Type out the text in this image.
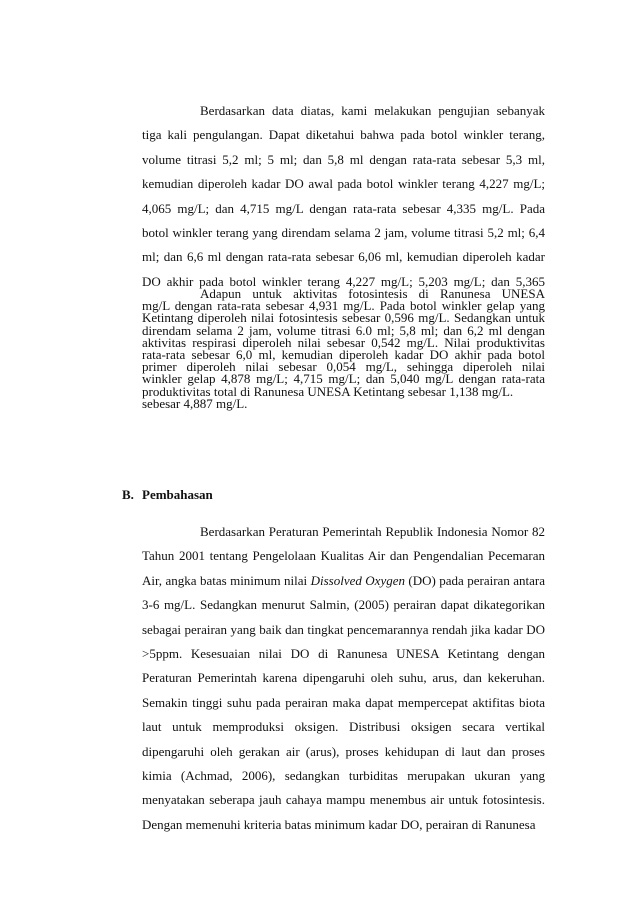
Berdasarkan data diatas, kami melakukan pengujian sebanyak tiga kali pengulangan. Dapat diketahui bahwa pada botol winkler terang, volume titrasi 5,2 ml; 5 ml; dan 5,8 ml dengan rata-rata sebesar 5,3 ml, kemudian diperoleh kadar DO awal pada botol winkler terang 4,227 mg/L; 4,065 mg/L; dan 4,715 mg/L dengan rata-rata sebesar 4,335 mg/L. Pada botol winkler terang yang direndam selama 2 jam, volume titrasi 5,2 ml; 6,4 ml; dan 6,6 ml dengan rata-rata sebesar 6,06 ml, kemudian diperoleh kadar DO akhir pada botol winkler terang 4,227 mg/L; 5,203 mg/L; dan 5,365 mg/L dengan rata-rata sebesar 4,931 mg/L. Pada botol winkler gelap yang direndam selama 2 jam, volume titrasi 6.0 ml; 5,8 ml; dan 6,2 ml dengan rata-rata sebesar 6,0 ml, kemudian diperoleh kadar DO akhir pada botol winkler gelap 4,878 mg/L; 4,715 mg/L; dan 5,040 mg/L dengan rata-rata sebesar 4,887 mg/L.

Adapun untuk aktivitas fotosintesis di Ranunesa UNESA Ketintang diperoleh nilai fotosintesis sebesar 0,596 mg/L. Sedangkan untuk aktivitas respirasi diperoleh nilai sebesar 0,542 mg/L. Nilai produktivitas primer diperoleh nilai sebesar 0,054 mg/L, sehingga diperoleh nilai produktivitas total di Ranunesa UNESA Ketintang sebesar 1,138 mg/L.

B. Pembahasan

Berdasarkan Peraturan Pemerintah Republik Indonesia Nomor 82 Tahun 2001 tentang Pengelolaan Kualitas Air dan Pengendalian Pecemaran Air, angka batas minimum nilai Dissolved Oxygen (DO) pada perairan antara 3-6 mg/L. Sedangkan menurut Salmin, (2005) perairan dapat dikategorikan sebagai perairan yang baik dan tingkat pencemarannya rendah jika kadar DO >5ppm. Kesesuaian nilai DO di Ranunesa UNESA Ketintang dengan Peraturan Pemerintah karena dipengaruhi oleh suhu, arus, dan kekeruhan. Semakin tinggi suhu pada perairan maka dapat mempercepat aktifitas biota laut untuk memproduksi oksigen. Distribusi oksigen secara vertikal dipengaruhi oleh gerakan air (arus), proses kehidupan di laut dan proses kimia (Achmad, 2006), sedangkan turbiditas merupakan ukuran yang menyatakan seberapa jauh cahaya mampu menembus air untuk fotosintesis. Dengan memenuhi kriteria batas minimum kadar DO, perairan di Ranunesa
